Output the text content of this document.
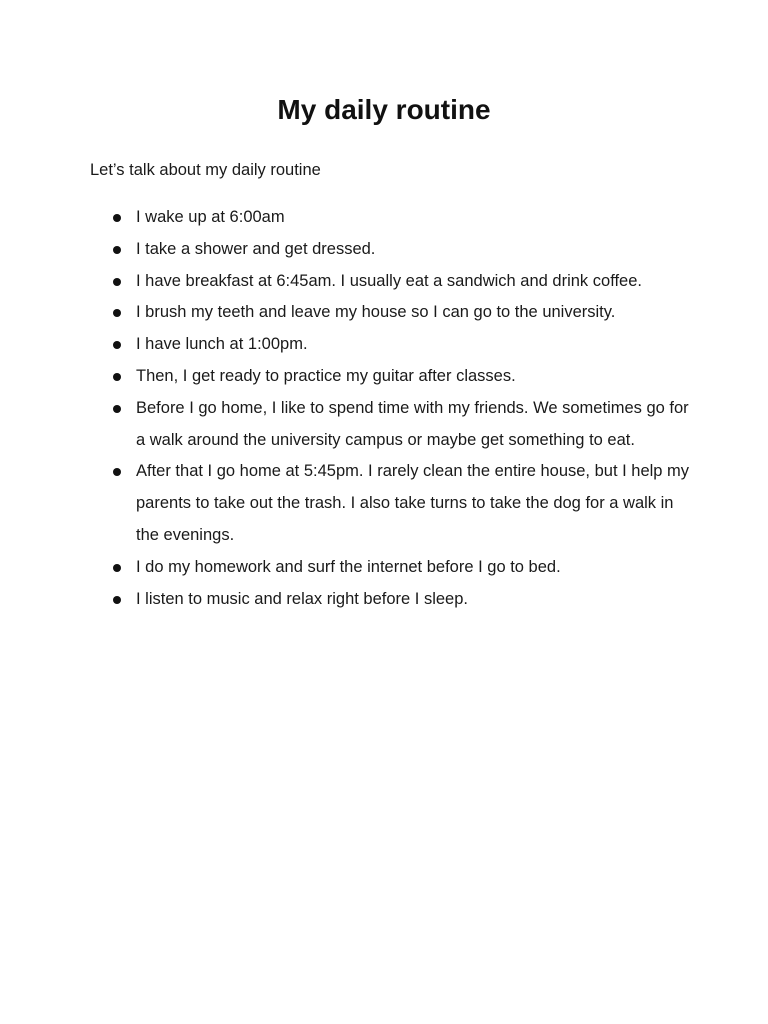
My daily routine

Let’s talk about my daily routine

I wake up at 6:00am
I take a shower and get dressed.
I have breakfast at 6:45am. I usually eat a sandwich and drink coffee.
I brush my teeth and leave my house so I can go to the university.
I have lunch at 1:00pm.
Then, I get ready to practice my guitar after classes.
Before I go home, I like to spend time with my friends. We sometimes go for a walk around the university campus or maybe get something to eat.
After that I go home at 5:45pm. I rarely clean the entire house, but I help my parents to take out the trash. I also take turns to take the dog for a walk in the evenings.
I do my homework and surf the internet before I go to bed.
I listen to music and relax right before I sleep.
